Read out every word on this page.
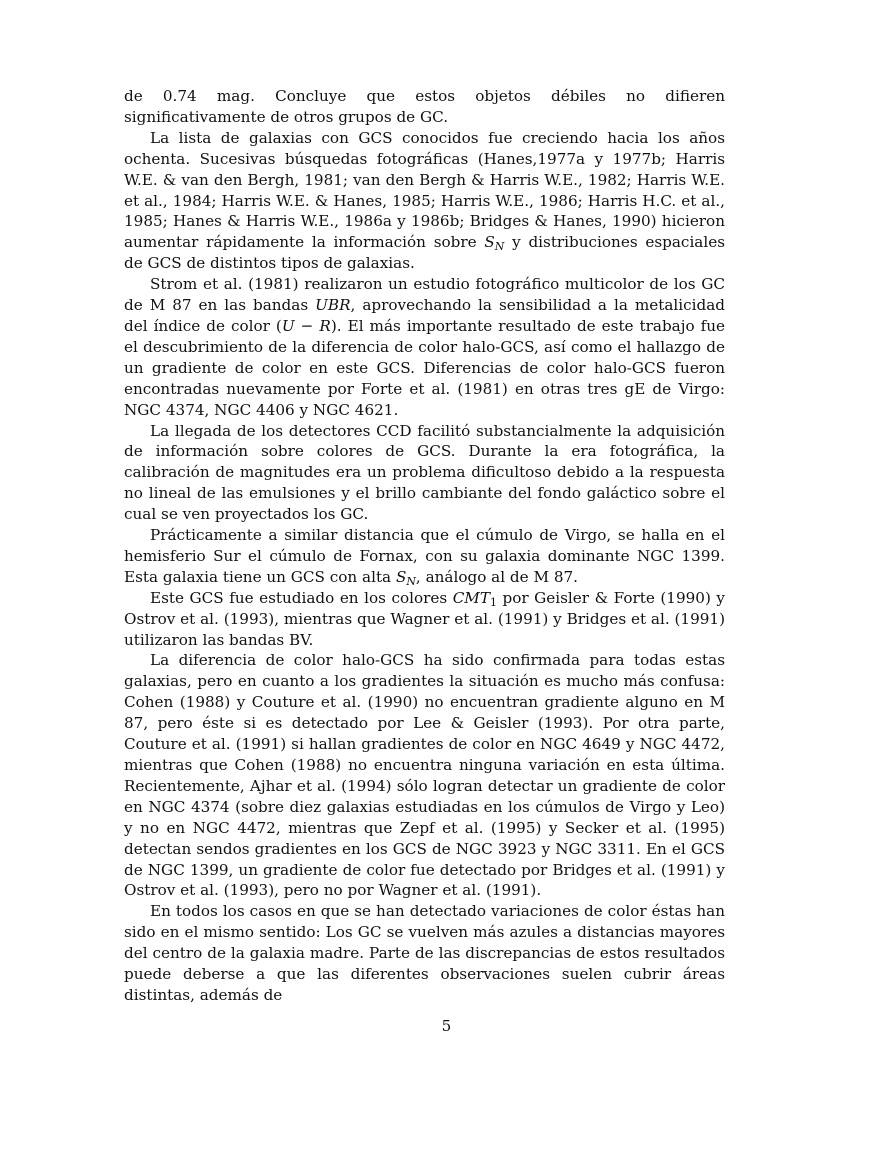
de 0.74 mag. Concluye que estos objetos débiles no difieren significativamente de otros grupos de GC.

La lista de galaxias con GCS conocidos fue creciendo hacia los años ochenta. Sucesivas búsquedas fotográficas (Hanes,1977a y 1977b; Harris W.E. & van den Bergh, 1981; van den Bergh & Harris W.E., 1982; Harris W.E. et al., 1984; Harris W.E. & Hanes, 1985; Harris W.E., 1986; Harris H.C. et al., 1985; Hanes & Harris W.E., 1986a y 1986b; Bridges & Hanes, 1990) hicieron aumentar rápidamente la información sobre $S_N$ y distribuciones espaciales de GCS de distintos tipos de galaxias.

Strom et al. (1981) realizaron un estudio fotográfico multicolor de los GC de M 87 en las bandas UBR, aprovechando la sensibilidad a la metalicidad del índice de color (U − R). El más importante resultado de este trabajo fue el descubrimiento de la diferencia de color halo-GCS, así como el hallazgo de un gradiente de color en este GCS. Diferencias de color halo-GCS fueron encontradas nuevamente por Forte et al. (1981) en otras tres gE de Virgo: NGC 4374, NGC 4406 y NGC 4621.

La llegada de los detectores CCD facilitó substancialmente la adquisición de información sobre colores de GCS. Durante la era fotográfica, la calibración de magnitudes era un problema dificultoso debido a la respuesta no lineal de las emulsiones y el brillo cambiante del fondo galáctico sobre el cual se ven proyectados los GC.

Prácticamente a similar distancia que el cúmulo de Virgo, se halla en el hemisferio Sur el cúmulo de Fornax, con su galaxia dominante NGC 1399. Esta galaxia tiene un GCS con alta $S_N$, análogo al de M 87.

Este GCS fue estudiado en los colores $CMT_1$ por Geisler & Forte (1990) y Ostrov et al. (1993), mientras que Wagner et al. (1991) y Bridges et al. (1991) utilizaron las bandas BV.

La diferencia de color halo-GCS ha sido confirmada para todas estas galaxias, pero en cuanto a los gradientes la situación es mucho más confusa: Cohen (1988) y Couture et al. (1990) no encuentran gradiente alguno en M 87, pero éste si es detectado por Lee & Geisler (1993). Por otra parte, Couture et al. (1991) si hallan gradientes de color en NGC 4649 y NGC 4472, mientras que Cohen (1988) no encuentra ninguna variación en esta última. Recientemente, Ajhar et al. (1994) sólo logran detectar un gradiente de color en NGC 4374 (sobre diez galaxias estudiadas en los cúmulos de Virgo y Leo) y no en NGC 4472, mientras que Zepf et al. (1995) y Secker et al. (1995) detectan sendos gradientes en los GCS de NGC 3923 y NGC 3311. En el GCS de NGC 1399, un gradiente de color fue detectado por Bridges et al. (1991) y Ostrov et al. (1993), pero no por Wagner et al. (1991).

En todos los casos en que se han detectado variaciones de color éstas han sido en el mismo sentido: Los GC se vuelven más azules a distancias mayores del centro de la galaxia madre. Parte de las discrepancias de estos resultados puede deberse a que las diferentes observaciones suelen cubrir áreas distintas, además de

5
